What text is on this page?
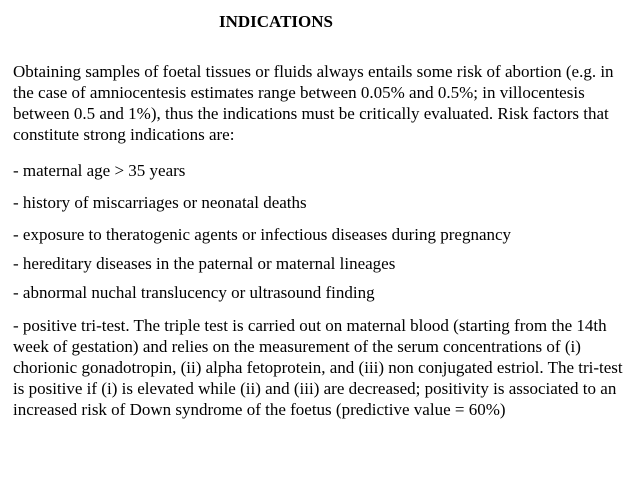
INDICATIONS

Obtaining samples of foetal tissues or fluids always entails some risk of abortion (e.g. in the case of amniocentesis estimates range between 0.05% and 0.5%; in villocentesis between 0.5 and 1%), thus the indications must be critically evaluated. Risk factors that constitute strong indications are:

- maternal age > 35 years

- history of miscarriages or neonatal deaths

- exposure to theratogenic agents or infectious diseases during pregnancy

- hereditary diseases in the paternal or maternal lineages

- abnormal nuchal translucency or ultrasound finding

- positive tri-test. The triple test is carried out on maternal blood (starting from the 14th week of gestation) and relies on the measurement of the serum concentrations of (i) chorionic gonadotropin, (ii) alpha fetoprotein, and (iii) non conjugated estriol. The tri-test is positive if (i) is elevated while (ii) and (iii) are decreased; positivity is associated to an increased risk of Down syndrome of the foetus (predictive value = 60%)
